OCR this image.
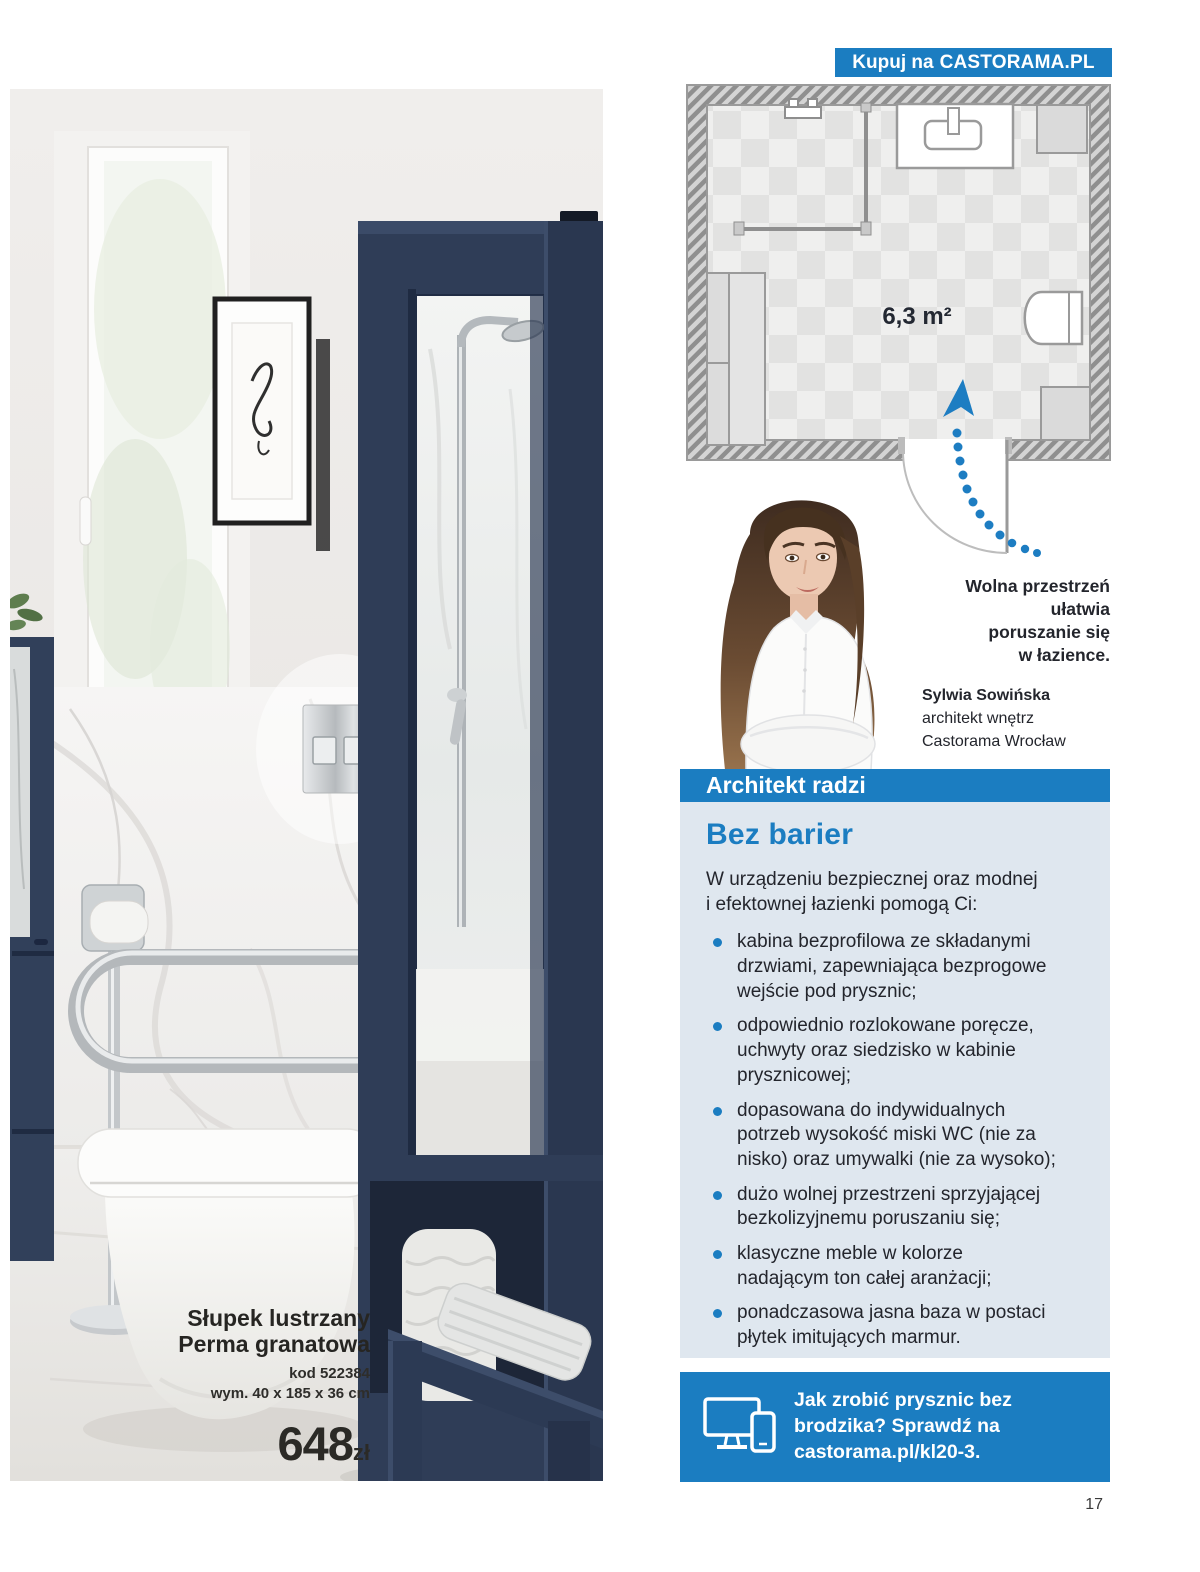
Słupek lustrzany
Perma granatowa
kod 522384
wym. 40 x 185 x 36 cm
648zł
Kupuj na CASTORAMA.PL
6,3 m²
Wolna przestrzeń
ułatwia
poruszanie się
w łazience.
Sylwia Sowińska
architekt wnętrz
Castorama Wrocław
Architekt radzi
Bez barier
W urządzeniu bezpiecznej oraz modnej
i efektownej łazienki pomogą Ci:
kabina bezprofilowa ze składanymi
drzwiami, zapewniająca bezprogowe
wejście pod prysznic;
odpowiednio rozlokowane poręcze,
uchwyty oraz siedzisko w kabinie
prysznicowej;
dopasowana do indywidualnych
potrzeb wysokość miski WC (nie za
nisko) oraz umywalki (nie za wysoko);
dużo wolnej przestrzeni sprzyjającej
bezkolizyjnemu poruszaniu się;
klasyczne meble w kolorze
nadającym ton całej aranżacji;
ponadczasowa jasna baza w postaci
płytek imitujących marmur.
Jak zrobić prysznic bez
brodzika? Sprawdź na
castorama.pl/kl20-3.
17
